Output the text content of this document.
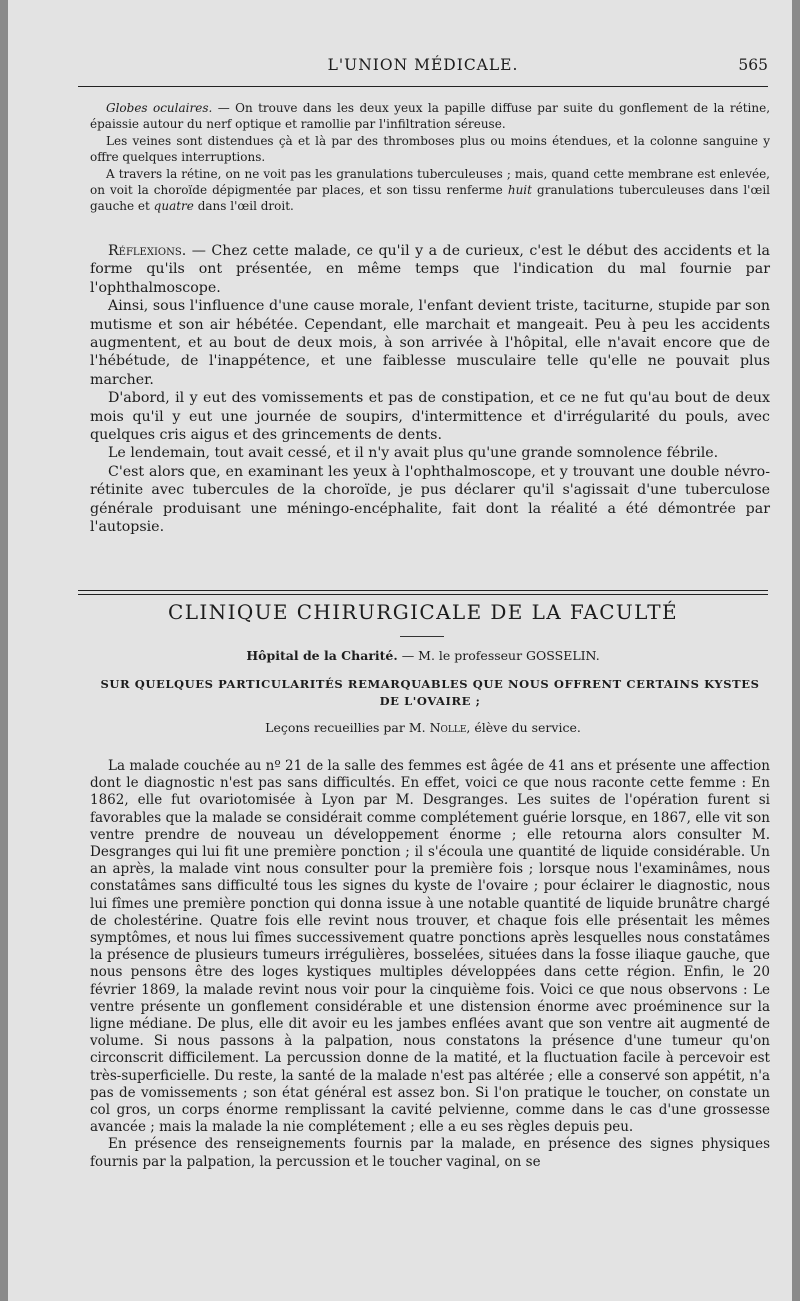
L'UNION MÉDICALE.	565

Globes oculaires. — On trouve dans les deux yeux la papille diffuse par suite du gonflement de la rétine, épaissie autour du nerf optique et ramollie par l'infiltration séreuse.

Les veines sont distendues çà et là par des thromboses plus ou moins étendues, et la colonne sanguine y offre quelques interruptions.

A travers la rétine, on ne voit pas les granulations tuberculeuses ; mais, quand cette membrane est enlevée, on voit la choroïde dépigmentée par places, et son tissu renferme huit granulations tuberculeuses dans l'œil gauche et quatre dans l'œil droit.

Réflexions. — Chez cette malade, ce qu'il y a de curieux, c'est le début des accidents et la forme qu'ils ont présentée, en même temps que l'indication du mal fournie par l'ophthalmoscope.

Ainsi, sous l'influence d'une cause morale, l'enfant devient triste, taciturne, stupide par son mutisme et son air hébétée. Cependant, elle marchait et mangeait. Peu à peu les accidents augmentent, et au bout de deux mois, à son arrivée à l'hôpital, elle n'avait encore que de l'hébétude, de l'inappétence, et une faiblesse musculaire telle qu'elle ne pouvait plus marcher.

D'abord, il y eut des vomissements et pas de constipation, et ce ne fut qu'au bout de deux mois qu'il y eut une journée de soupirs, d'intermittence et d'irrégularité du pouls, avec quelques cris aigus et des grincements de dents.

Le lendemain, tout avait cessé, et il n'y avait plus qu'une grande somnolence fébrile.

C'est alors que, en examinant les yeux à l'ophthalmoscope, et y trouvant une double névro-rétinite avec tubercules de la choroïde, je pus déclarer qu'il s'agissait d'une tuberculose générale produisant une méningo-encéphalite, fait dont la réalité a été démontrée par l'autopsie.

CLINIQUE CHIRURGICALE DE LA FACULTÉ
Hôpital de la Charité. — M. le professeur GOSSELIN.
SUR QUELQUES PARTICULARITÉS REMARQUABLES QUE NOUS OFFRENT CERTAINS KYSTES
DE L'OVAIRE ;
Leçons recueillies par M. Nolle, élève du service.

La malade couchée au nº 21 de la salle des femmes est âgée de 41 ans et présente une affection dont le diagnostic n'est pas sans difficultés. En effet, voici ce que nous raconte cette femme : En 1862, elle fut ovariotomisée à Lyon par M. Desgranges. Les suites de l'opération furent si favorables que la malade se considérait comme complétement guérie lorsque, en 1867, elle vit son ventre prendre de nouveau un développement énorme ; elle retourna alors consulter M. Desgranges qui lui fit une première ponction ; il s'écoula une quantité de liquide considérable. Un an après, la malade vint nous consulter pour la première fois ; lorsque nous l'examinâmes, nous constatâmes sans difficulté tous les signes du kyste de l'ovaire ; pour éclairer le diagnostic, nous lui fîmes une première ponction qui donna issue à une notable quantité de liquide brunâtre chargé de cholestérine. Quatre fois elle revint nous trouver, et chaque fois elle présentait les mêmes symptômes, et nous lui fîmes successivement quatre ponctions après lesquelles nous constatâmes la présence de plusieurs tumeurs irrégulières, bosselées, situées dans la fosse iliaque gauche, que nous pensons être des loges kystiques multiples développées dans cette région. Enfin, le 20 février 1869, la malade revint nous voir pour la cinquième fois. Voici ce que nous observons : Le ventre présente un gonflement considérable et une distension énorme avec proéminence sur la ligne médiane. De plus, elle dit avoir eu les jambes enflées avant que son ventre ait augmenté de volume. Si nous passons à la palpation, nous constatons la présence d'une tumeur qu'on circonscrit difficilement. La percussion donne de la matité, et la fluctuation facile à percevoir est très-superficielle. Du reste, la santé de la malade n'est pas altérée ; elle a conservé son appétit, n'a pas de vomissements ; son état général est assez bon. Si l'on pratique le toucher, on constate un col gros, un corps énorme remplissant la cavité pelvienne, comme dans le cas d'une grossesse avancée ; mais la malade la nie complétement ; elle a eu ses règles depuis peu.

En présence des renseignements fournis par la malade, en présence des signes physiques fournis par la palpation, la percussion et le toucher vaginal, on se
